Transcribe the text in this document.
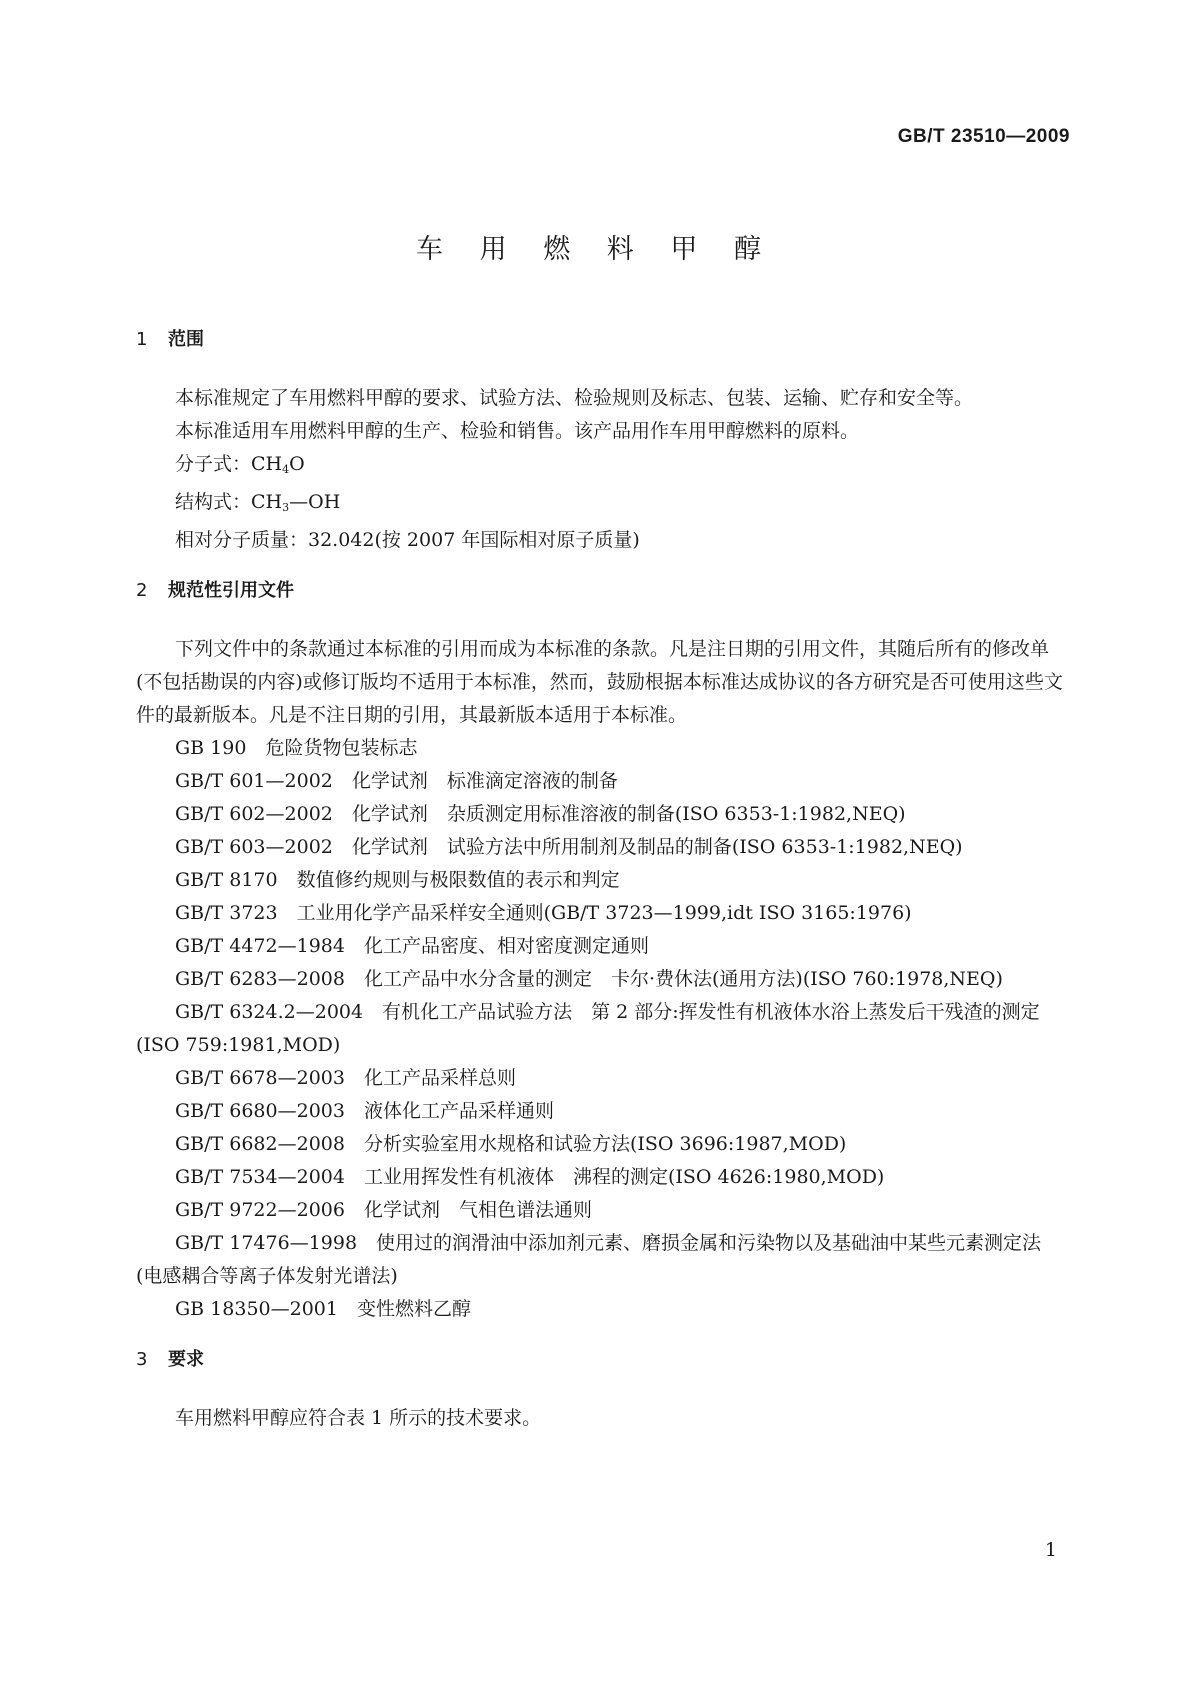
GB/T 23510—2009
车 用 燃 料 甲 醇
1 范围

本标准规定了车用燃料甲醇的要求、试验方法、检验规则及标志、包装、运输、贮存和安全等。

本标准适用车用燃料甲醇的生产、检验和销售。该产品用作车用甲醇燃料的原料。

分子式：$CH_4O$

结构式：$CH_3—OH$

相对分子质量：32.042(按 2007 年国际相对原子质量)

2 规范性引用文件

下列文件中的条款通过本标准的引用而成为本标准的条款。凡是注日期的引用文件，其随后所有的修改单(不包括勘误的内容)或修订版均不适用于本标准，然而，鼓励根据本标准达成协议的各方研究是否可使用这些文件的最新版本。凡是不注日期的引用，其最新版本适用于本标准。

GB 190　危险货物包装标志

GB/T 601—2002　化学试剂　标准滴定溶液的制备

GB/T 602—2002　化学试剂　杂质测定用标准溶液的制备(ISO 6353-1:1982,NEQ)

GB/T 603—2002　化学试剂　试验方法中所用制剂及制品的制备(ISO 6353-1:1982,NEQ)

GB/T 8170　数值修约规则与极限数值的表示和判定

GB/T 3723　工业用化学产品采样安全通则(GB/T 3723—1999,idt ISO 3165:1976)

GB/T 4472—1984　化工产品密度、相对密度测定通则

GB/T 6283—2008　化工产品中水分含量的测定　卡尔·费休法(通用方法)(ISO 760:1978,NEQ)

GB/T 6324.2—2004　有机化工产品试验方法　第 2 部分:挥发性有机液体水浴上蒸发后干残渣的测定(ISO 759:1981,MOD)

GB/T 6678—2003　化工产品采样总则

GB/T 6680—2003　液体化工产品采样通则

GB/T 6682—2008　分析实验室用水规格和试验方法(ISO 3696:1987,MOD)

GB/T 7534—2004　工业用挥发性有机液体　沸程的测定(ISO 4626:1980,MOD)

GB/T 9722—2006　化学试剂　气相色谱法通则

GB/T 17476—1998　使用过的润滑油中添加剂元素、磨损金属和污染物以及基础油中某些元素测定法(电感耦合等离子体发射光谱法)

GB 18350—2001　变性燃料乙醇

3 要求

车用燃料甲醇应符合表 1 所示的技术要求。

1
